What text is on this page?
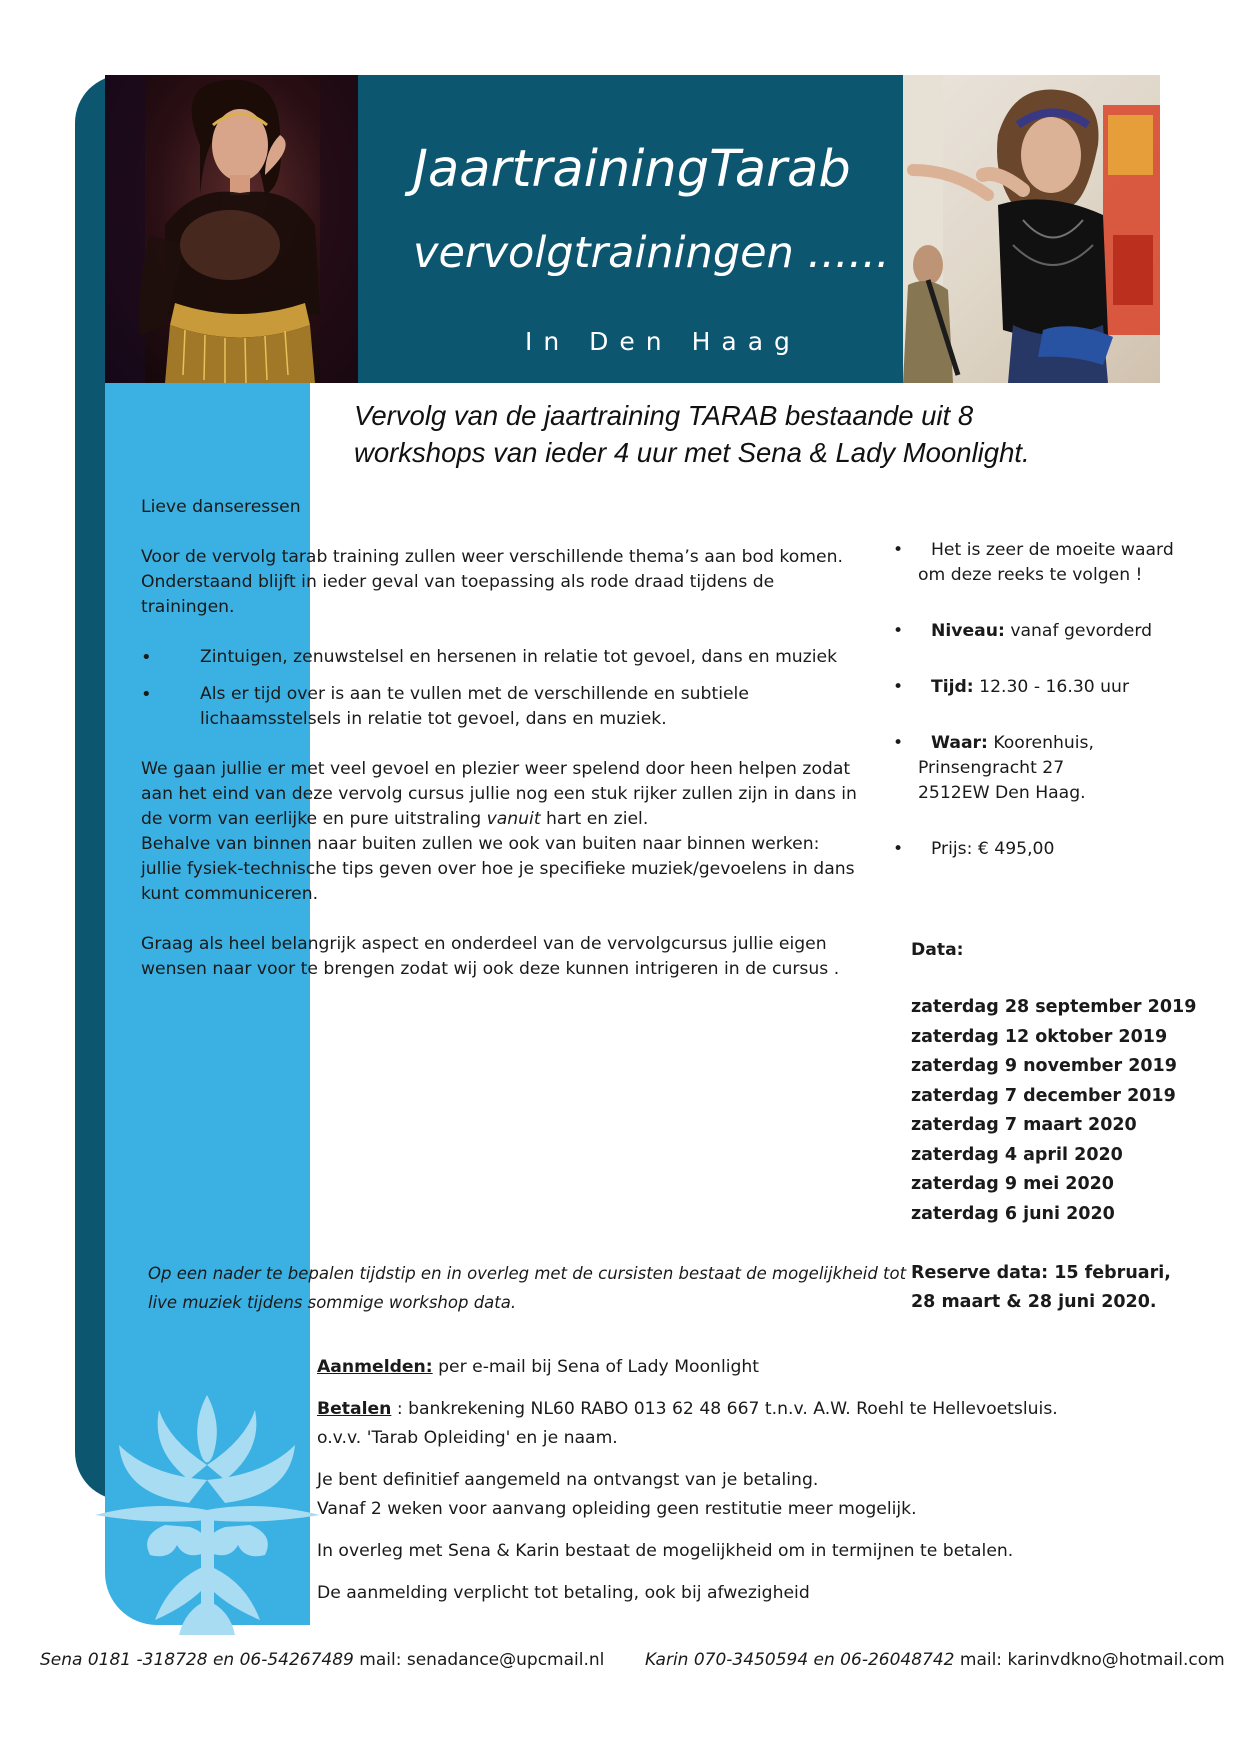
JaartrainingTarab
vervolgtrainingen ......
In Den Haag
Vervolg van de jaartraining TARAB bestaande uit 8
workshops van ieder 4 uur met Sena & Lady Moonlight.

Lieve danseressen

Voor de vervolg tarab training zullen weer verschillende thema’s aan bod komen. Onderstaand blijft in ieder geval van toepassing als rode draad tijdens de trainingen.

• Zintuigen, zenuwstelsel en hersenen in relatie tot gevoel, dans en muziek
• Als er tijd over is aan te vullen met de verschillende en subtiele lichaamsstelsels in relatie tot gevoel, dans en muziek.

We gaan jullie er met veel gevoel en plezier weer spelend door heen helpen zodat aan het eind van deze vervolg cursus jullie nog een stuk rijker zullen zijn in dans in de vorm van eerlijke en pure uitstraling vanuit hart en ziel.

Behalve van binnen naar buiten zullen we ook van buiten naar binnen werken: jullie fysiek-technische tips geven over hoe je specifieke muziek/gevoelens in dans kunt communiceren.

Graag als heel belangrijk aspect en onderdeel van de vervolgcursus jullie eigen wensen naar voor te brengen zodat wij ook deze kunnen intrigeren in de cursus .

•	Het is zeer de moeite waard
om deze reeks te volgen !
•	Niveau: vanaf gevorderd
•	Tijd: 12.30 - 16.30 uur
•	Waar: Koorenhuis,
Prinsengracht 27
2512EW Den Haag.
•	Prijs: € 495,00
Data:
zaterdag 28 september 2019
zaterdag 12 oktober 2019
zaterdag 9 november 2019
zaterdag 7 december 2019
zaterdag 7 maart 2020
zaterdag 4 april 2020
zaterdag 9 mei 2020
zaterdag 6 juni 2020
Op een nader te bepalen tijdstip en in overleg met de cursisten bestaat de mogelijkheid tot
live muziek tijdens sommige workshop data.
Reserve data: 15 februari,
28 maart & 28 juni 2020.

Aanmelden: per e-mail bij Sena of Lady Moonlight

Betalen : bankrekening NL60 RABO 013 62 48 667 t.n.v. A.W. Roehl te Hellevoetsluis.
o.v.v. 'Tarab Opleiding' en je naam.

Je bent definitief aangemeld na ontvangst van je betaling.
Vanaf 2 weken voor aanvang opleiding geen restitutie meer mogelijk.

In overleg met Sena & Karin bestaat de mogelijkheid om in termijnen te betalen.

De aanmelding verplicht tot betaling, ook bij afwezigheid

Sena 0181 -318728 en 06-54267489 mail: senadance@upcmail.nl Karin 070-3450594 en 06-26048742 mail: karinvdkno@hotmail.com
